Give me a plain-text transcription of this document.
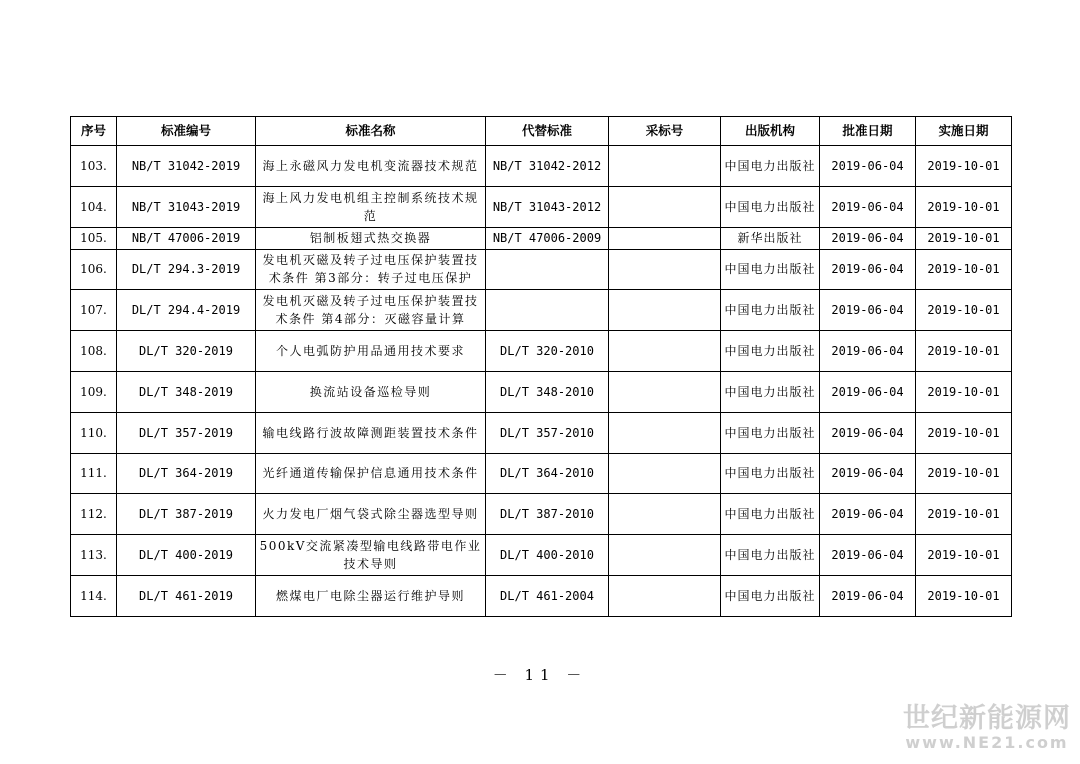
序号	标准编号	标准名称	代替标准	采标号	出版机构	批准日期	实施日期
103.	NB/T 31042-2019	海上永磁风力发电机变流器技术规范	NB/T 31042-2012		中国电力出版社	2019-06-04	2019-10-01
104.	NB/T 31043-2019	海上风力发电机组主控制系统技术规范	NB/T 31043-2012		中国电力出版社	2019-06-04	2019-10-01
105.	NB/T 47006-2019	铝制板翅式热交换器	NB/T 47006-2009		新华出版社	2019-06-04	2019-10-01
106.	DL/T 294.3-2019	发电机灭磁及转子过电压保护装置技术条件 第3部分：转子过电压保护			中国电力出版社	2019-06-04	2019-10-01
107.	DL/T 294.4-2019	发电机灭磁及转子过电压保护装置技术条件 第4部分：灭磁容量计算			中国电力出版社	2019-06-04	2019-10-01
108.	DL/T 320-2019	个人电弧防护用品通用技术要求	DL/T 320-2010		中国电力出版社	2019-06-04	2019-10-01
109.	DL/T 348-2019	换流站设备巡检导则	DL/T 348-2010		中国电力出版社	2019-06-04	2019-10-01
110.	DL/T 357-2019	输电线路行波故障测距装置技术条件	DL/T 357-2010		中国电力出版社	2019-06-04	2019-10-01
111.	DL/T 364-2019	光纤通道传输保护信息通用技术条件	DL/T 364-2010		中国电力出版社	2019-06-04	2019-10-01
112.	DL/T 387-2019	火力发电厂烟气袋式除尘器选型导则	DL/T 387-2010		中国电力出版社	2019-06-04	2019-10-01
113.	DL/T 400-2019	500kV交流紧凑型输电线路带电作业技术导则	DL/T 400-2010		中国电力出版社	2019-06-04	2019-10-01
114.	DL/T 461-2019	燃煤电厂电除尘器运行维护导则	DL/T 461-2004		中国电力出版社	2019-06-04	2019-10-01
－ 11 －
世纪新能源网
www.NE21.com
